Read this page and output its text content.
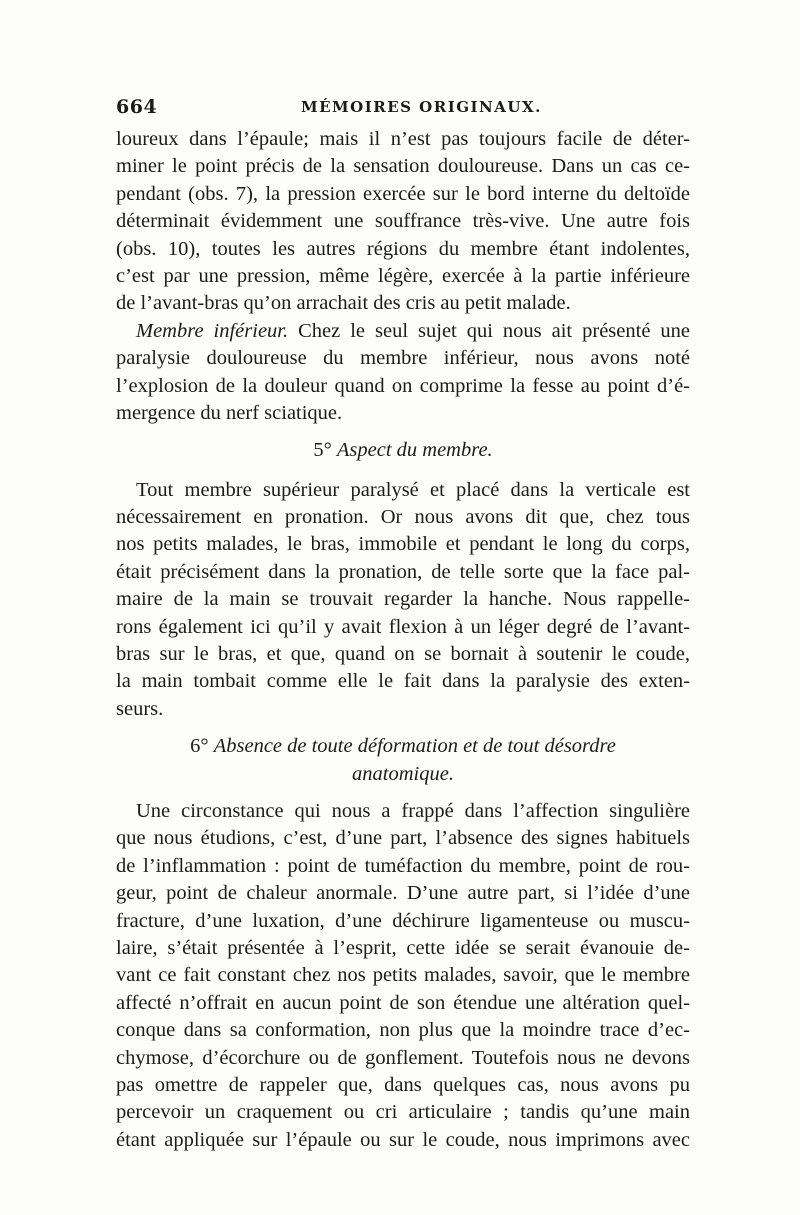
664	MÉMOIRES ORIGINAUX.
loureux dans l’épaule; mais il n’est pas toujours facile de déter-
miner le point précis de la sensation douloureuse. Dans un cas ce-
pendant (obs. 7), la pression exercée sur le bord interne du deltoïde
déterminait évidemment une souffrance très-vive. Une autre fois
(obs. 10), toutes les autres régions du membre étant indolentes,
c’est par une pression, même légère, exercée à la partie inférieure
de l’avant-bras qu’on arrachait des cris au petit malade.
Membre inférieur. Chez le seul sujet qui nous ait présenté une
paralysie douloureuse du membre inférieur, nous avons noté
l’explosion de la douleur quand on comprime la fesse au point d’é-
mergence du nerf sciatique.
5° Aspect du membre.
Tout membre supérieur paralysé et placé dans la verticale est
nécessairement en pronation. Or nous avons dit que, chez tous
nos petits malades, le bras, immobile et pendant le long du corps,
était précisément dans la pronation, de telle sorte que la face pal-
maire de la main se trouvait regarder la hanche. Nous rappelle-
rons également ici qu’il y avait flexion à un léger degré de l’avant-
bras sur le bras, et que, quand on se bornait à soutenir le coude,
la main tombait comme elle le fait dans la paralysie des exten-
seurs.
6° Absence de toute déformation et de tout désordre
anatomique.
Une circonstance qui nous a frappé dans l’affection singulière
que nous étudions, c’est, d’une part, l’absence des signes habituels
de l’inflammation : point de tuméfaction du membre, point de rou-
geur, point de chaleur anormale. D’une autre part, si l’idée d’une
fracture, d’une luxation, d’une déchirure ligamenteuse ou muscu-
laire, s’était présentée à l’esprit, cette idée se serait évanouie de-
vant ce fait constant chez nos petits malades, savoir, que le membre
affecté n’offrait en aucun point de son étendue une altération quel-
conque dans sa conformation, non plus que la moindre trace d’ec-
chymose, d’écorchure ou de gonflement. Toutefois nous ne devons
pas omettre de rappeler que, dans quelques cas, nous avons pu
percevoir un craquement ou cri articulaire ; tandis qu’une main
étant appliquée sur l’épaule ou sur le coude, nous imprimons avec
